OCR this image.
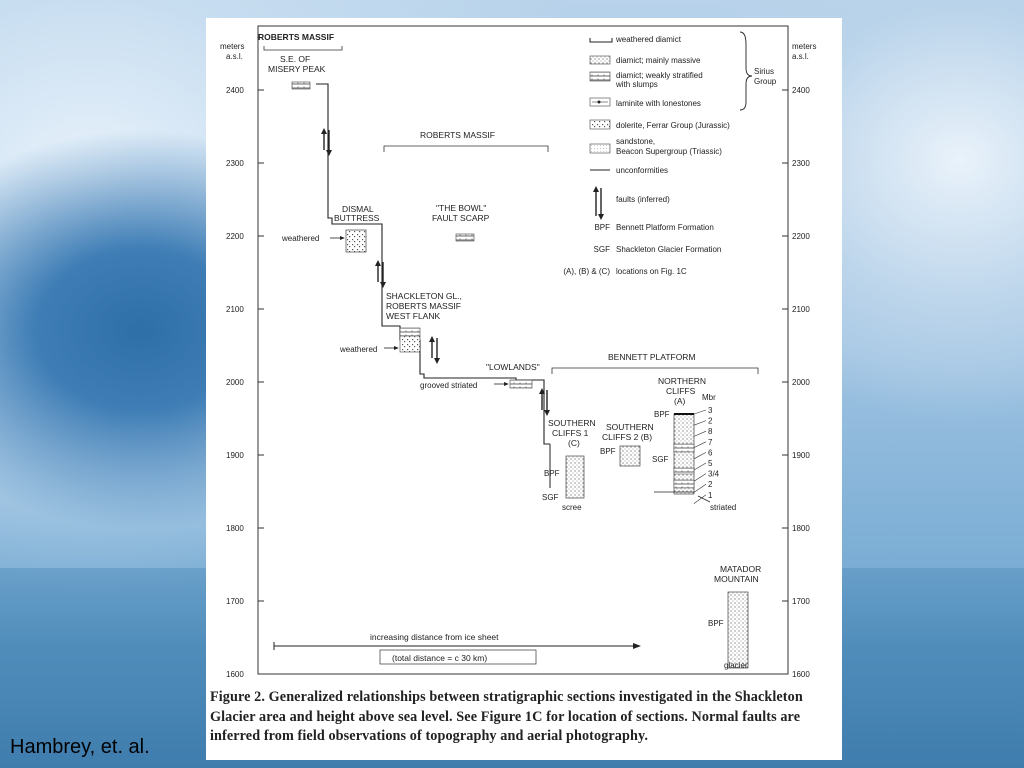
Hambrey, et. al.
meters
a.s.l.
meters
a.s.l.
2400	2400
2300	2300
2200	2200
2100	2100
2000	2000
1900	1900
1800	1800
1700	1700
1600	1600
ROBERTS MASSIF
S.E. OF
MISERY PEAK
ROBERTS MASSIF
DISMAL
BUTTRESS
weathered
"THE BOWL"
FAULT SCARP
SHACKLETON GL.,
ROBERTS MASSIF
WEST FLANK
weathered
"LOWLANDS"
grooved striated
BENNETT PLATFORM
SOUTHERN
CLIFFS 1
(C)
BPF
SGF
scree
SOUTHERN
CLIFFS 2 (B)
BPF
NORTHERN
CLIFFS
(A) Mbr
BPF
SGF
3
2
8
7
6
5
3/4
2
1
striated
MATADOR
MOUNTAIN
BPF
glacier
increasing distance from ice sheet
(total distance = c 30 km)
weathered diamict
diamict; mainly massive
diamict; weakly stratified
with slumps
laminite with lonestones
Sirius
Group
dolerite, Ferrar Group (Jurassic)
sandstone,
Beacon Supergroup (Triassic)
unconformities
faults (inferred)
BPF Bennett Platform Formation
SGF Shackleton Glacier Formation
(A), (B) & (C) locations on Fig. 1C
Figure 2. Generalized relationships between stratigraphic sections investigated in the Shackleton Glacier area and height above sea level. See Figure 1C for location of sections. Normal faults are inferred from field observations of topography and aerial photography.
